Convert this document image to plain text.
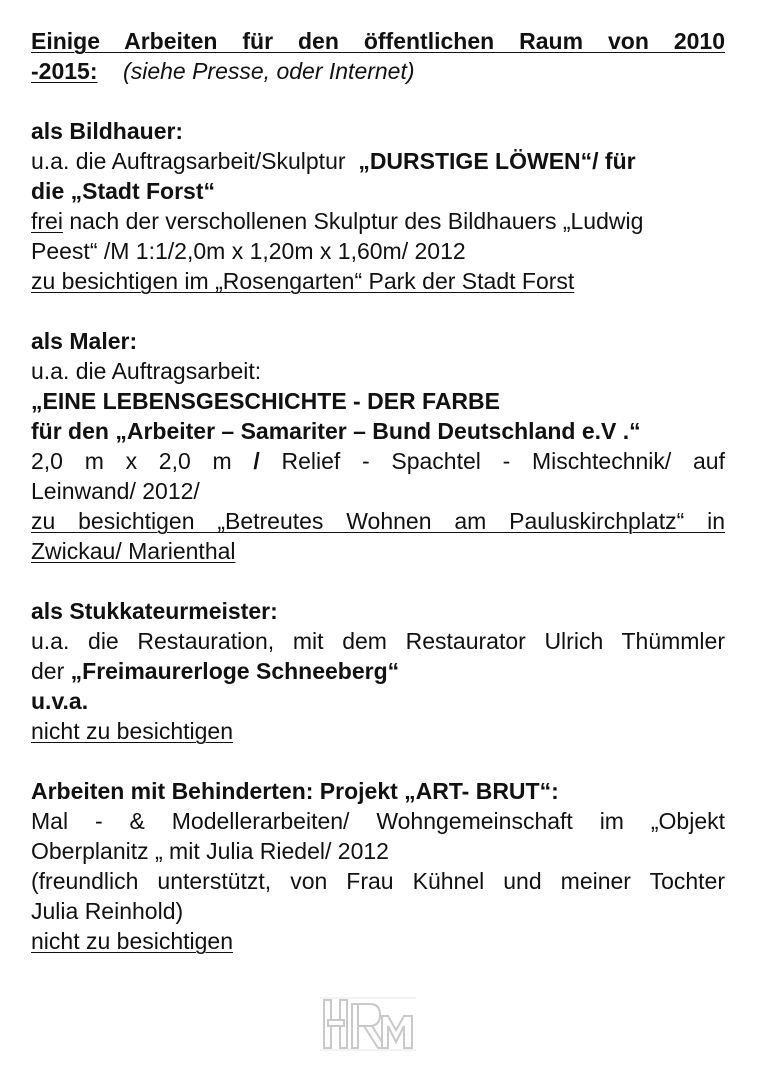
Einige Arbeiten für den öffentlichen Raum von 2010
-2015: (siehe Presse, oder Internet)
als Bildhauer:
u.a. die Auftragsarbeit/Skulptur  „DURSTIGE LÖWEN“/ für
die „Stadt Forst“
frei nach der verschollenen Skulptur des Bildhauers „Ludwig
Peest“ /M 1:1/2,0m x 1,20m x 1,60m/ 2012
zu besichtigen im „Rosengarten“ Park der Stadt Forst
als Maler:
u.a. die Auftragsarbeit:
„EINE LEBENSGESCHICHTE - DER FARBE
für den „Arbeiter – Samariter – Bund Deutschland e.V .“
2,0 m x 2,0 m / Relief - Spachtel - Mischtechnik/ auf
Leinwand/ 2012/
zu besichtigen „Betreutes Wohnen am Pauluskirchplatz“ in
Zwickau/ Marienthal
als Stukkateurmeister:
u.a. die Restauration, mit dem Restaurator Ulrich Thümmler
der „Freimaurerloge Schneeberg“
u.v.a.
nicht zu besichtigen
Arbeiten mit Behinderten: Projekt „ART- BRUT“:
Mal - & Modellerarbeiten/ Wohngemeinschaft im „Objekt
Oberplanitz „ mit Julia Riedel/ 2012
(freundlich unterstützt, von Frau Kühnel und meiner Tochter
Julia Reinhold)
nicht zu besichtigen
